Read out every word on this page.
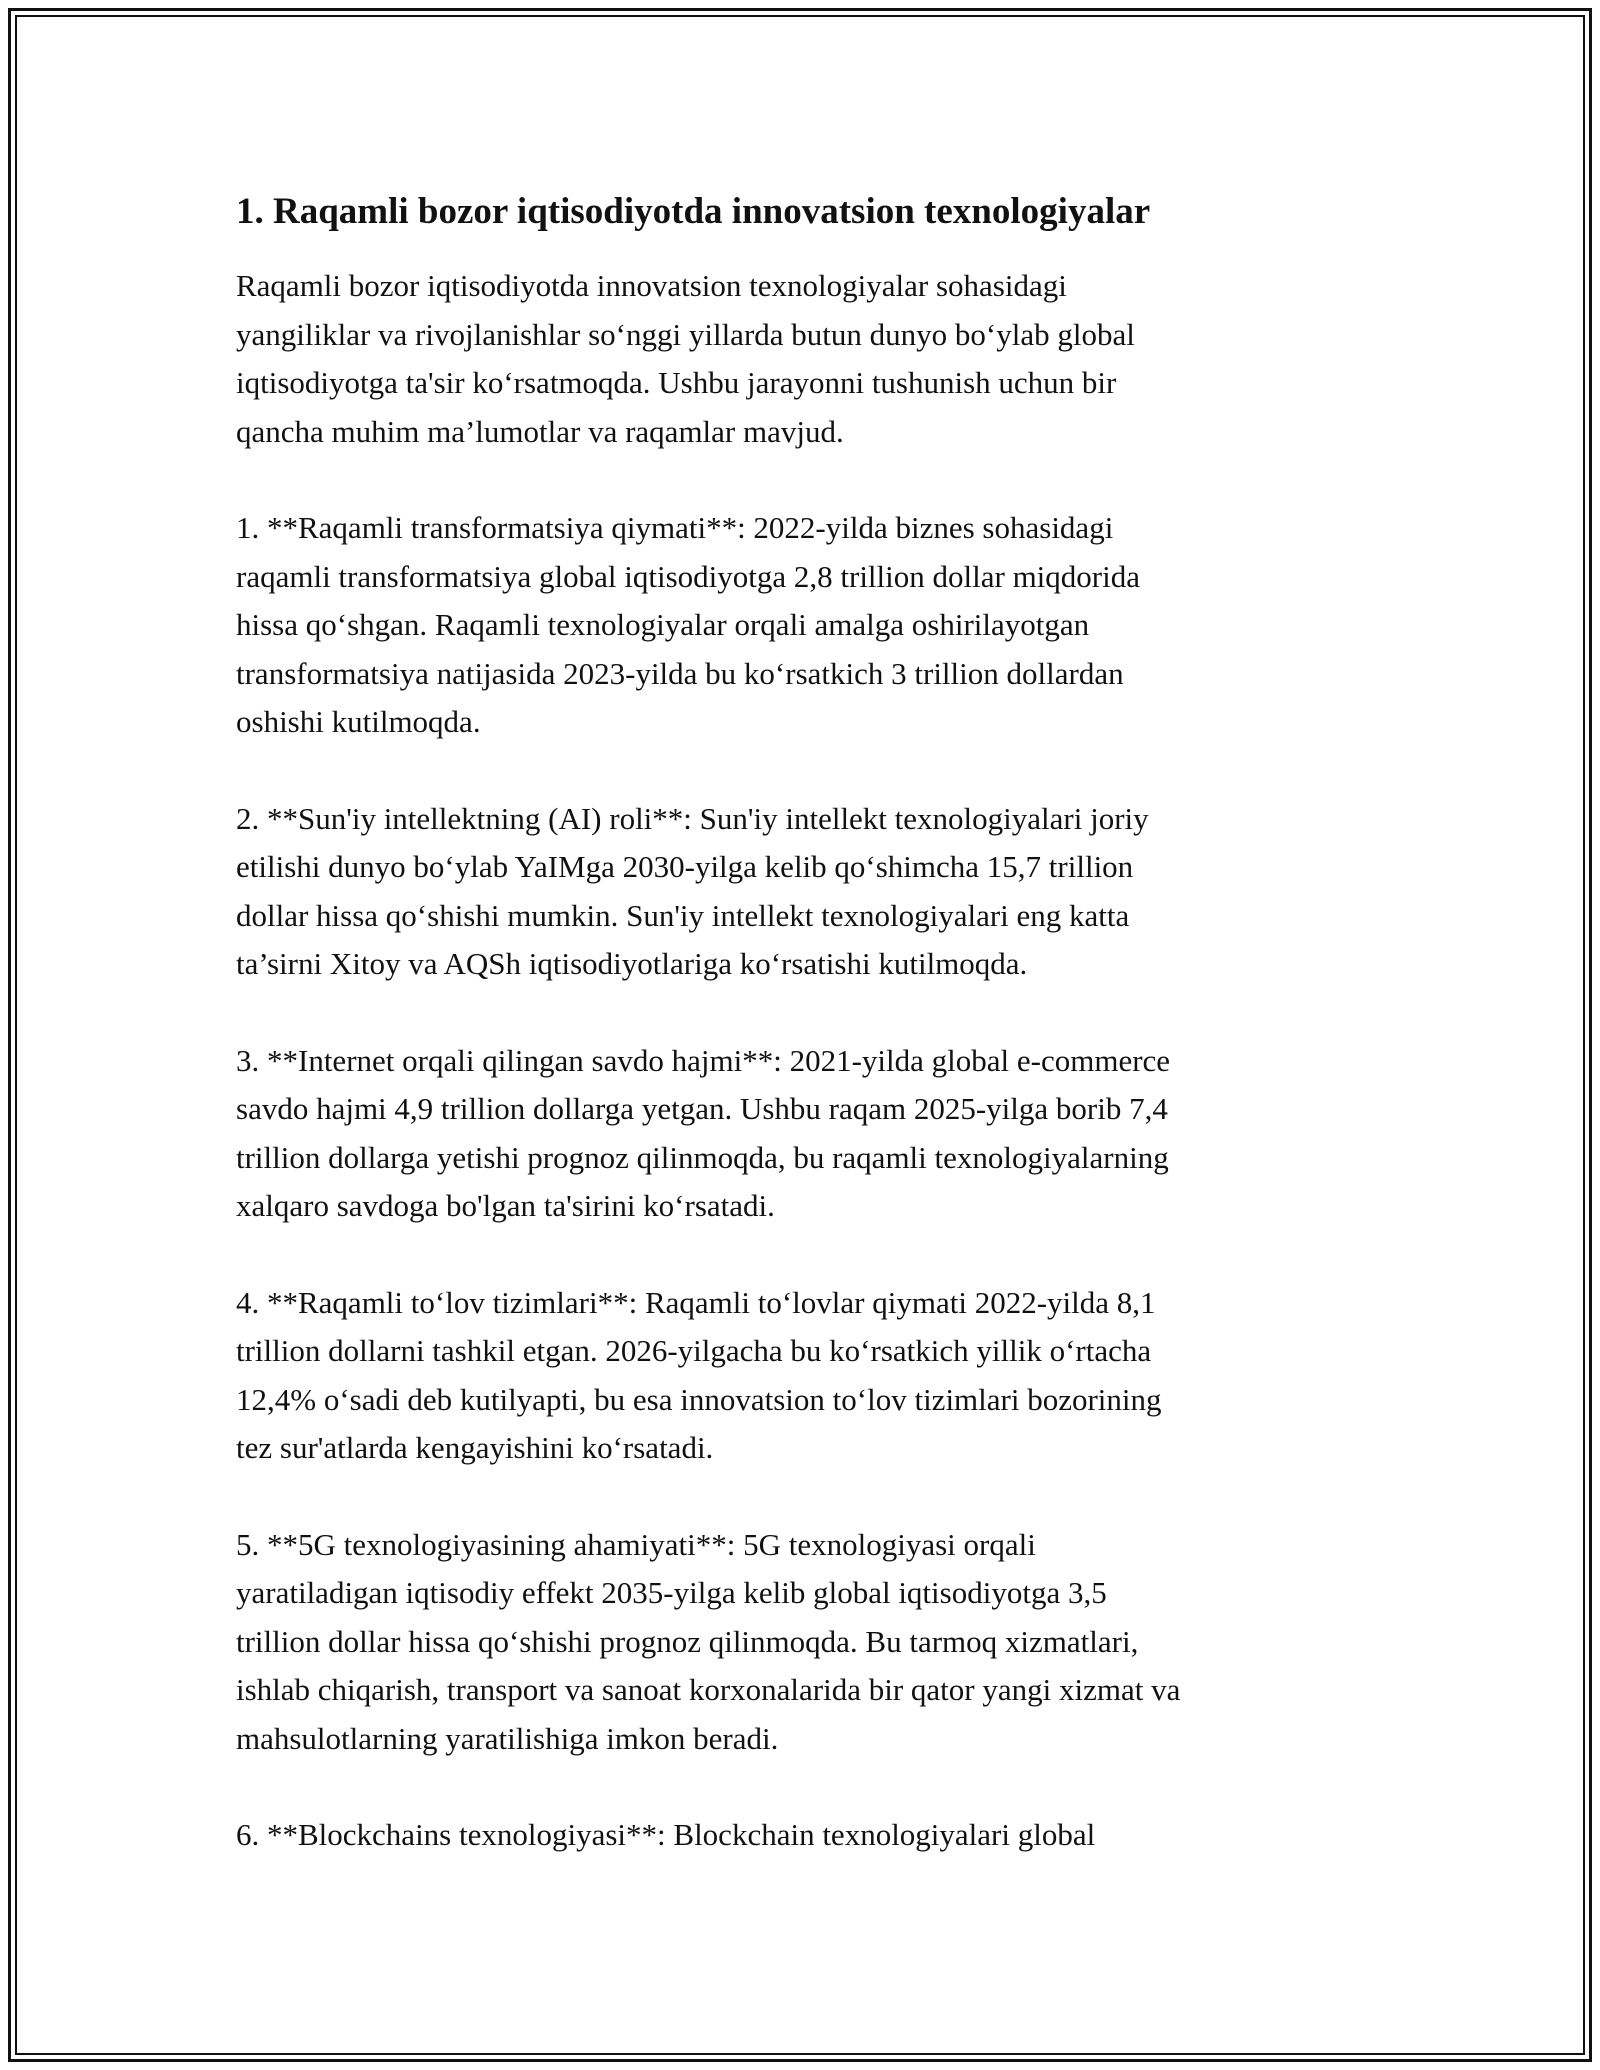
1. Raqamli bozor iqtisodiyotda innovatsion texnologiyalar

Raqamli bozor iqtisodiyotda innovatsion texnologiyalar sohasidagi
yangiliklar va rivojlanishlar so‘nggi yillarda butun dunyo bo‘ylab global
iqtisodiyotga ta'sir ko‘rsatmoqda. Ushbu jarayonni tushunish uchun bir
qancha muhim ma’lumotlar va raqamlar mavjud.

1. **Raqamli transformatsiya qiymati**: 2022-yilda biznes sohasidagi
raqamli transformatsiya global iqtisodiyotga 2,8 trillion dollar miqdorida
hissa qo‘shgan. Raqamli texnologiyalar orqali amalga oshirilayotgan
transformatsiya natijasida 2023-yilda bu ko‘rsatkich 3 trillion dollardan
oshishi kutilmoqda.

2. **Sun'iy intellektning (AI) roli**: Sun'iy intellekt texnologiyalari joriy
etilishi dunyo bo‘ylab YaIMga 2030-yilga kelib qo‘shimcha 15,7 trillion
dollar hissa qo‘shishi mumkin. Sun'iy intellekt texnologiyalari eng katta
ta’sirni Xitoy va AQSh iqtisodiyotlariga ko‘rsatishi kutilmoqda.

3. **Internet orqali qilingan savdo hajmi**: 2021-yilda global e-commerce
savdo hajmi 4,9 trillion dollarga yetgan. Ushbu raqam 2025-yilga borib 7,4
trillion dollarga yetishi prognoz qilinmoqda, bu raqamli texnologiyalarning
xalqaro savdoga bo'lgan ta'sirini ko‘rsatadi.

4. **Raqamli to‘lov tizimlari**: Raqamli to‘lovlar qiymati 2022-yilda 8,1
trillion dollarni tashkil etgan. 2026-yilgacha bu ko‘rsatkich yillik o‘rtacha
12,4% o‘sadi deb kutilyapti, bu esa innovatsion to‘lov tizimlari bozorining
tez sur'atlarda kengayishini ko‘rsatadi.

5. **5G texnologiyasining ahamiyati**: 5G texnologiyasi orqali
yaratiladigan iqtisodiy effekt 2035-yilga kelib global iqtisodiyotga 3,5
trillion dollar hissa qo‘shishi prognoz qilinmoqda. Bu tarmoq xizmatlari,
ishlab chiqarish, transport va sanoat korxonalarida bir qator yangi xizmat va
mahsulotlarning yaratilishiga imkon beradi.

6. **Blockchains texnologiyasi**: Blockchain texnologiyalari global
